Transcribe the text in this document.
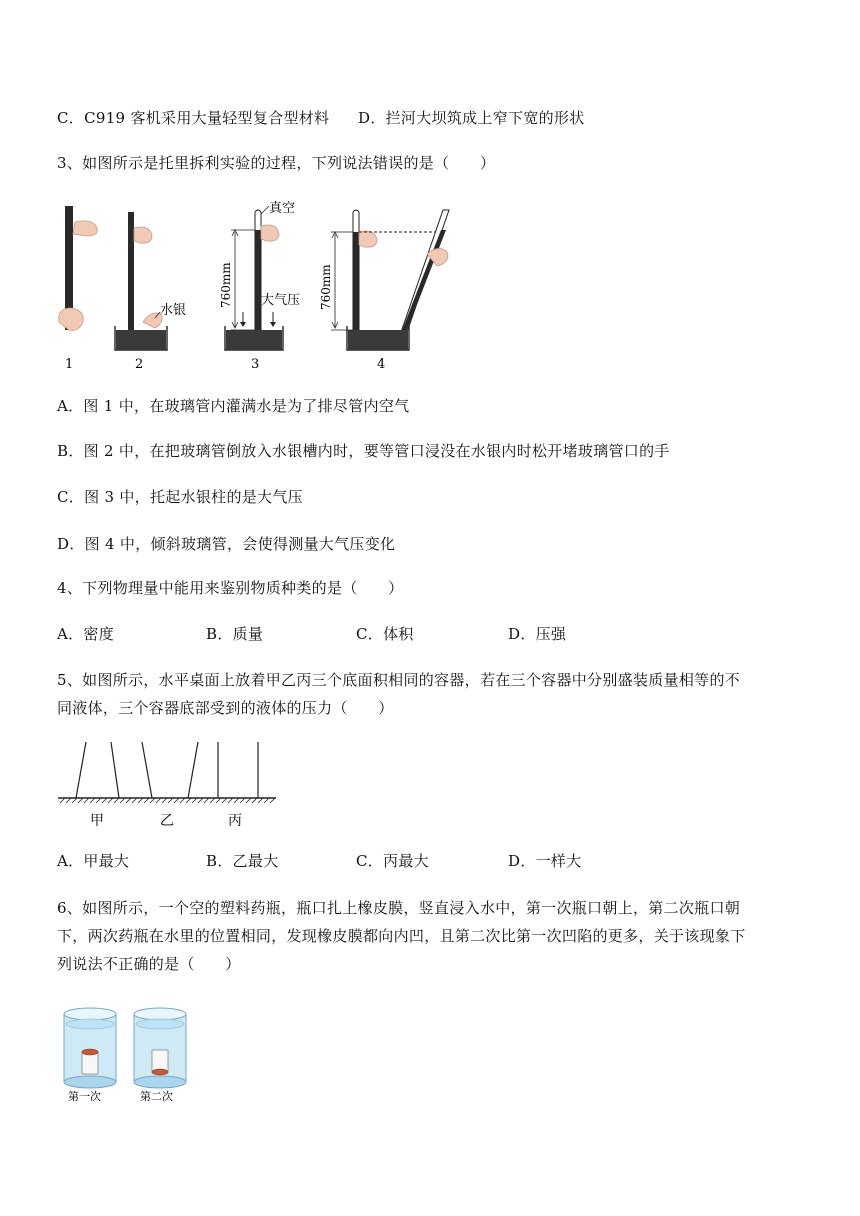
C．C919 客机采用大量轻型复合型材料 D．拦河大坝筑成上窄下宽的形状
3、如图所示是托里拆利实验的过程，下列说法错误的是（　　）
1
水银
2
真空
760mm 大气压
3
760mm
4
A．图 1 中，在玻璃管内灌满水是为了排尽管内空气
B．图 2 中，在把玻璃管倒放入水银槽内时，要等管口浸没在水银内时松开堵玻璃管口的手
C．图 3 中，托起水银柱的是大气压
D．图 4 中，倾斜玻璃管，会使得测量大气压变化
4、下列物理量中能用来鉴别物质种类的是（　　）
A．密度	B．质量	C．体积	D．压强
5、如图所示，水平桌面上放着甲乙丙三个底面积相同的容器，若在三个容器中分别盛装质量相等的不
同液体，三个容器底部受到的液体的压力（　　）
甲	乙	丙
A．甲最大	B．乙最大	C．丙最大	D．一样大
6、如图所示，一个空的塑料药瓶，瓶口扎上橡皮膜，竖直浸入水中，第一次瓶口朝上，第二次瓶口朝
下，两次药瓶在水里的位置相同，发现橡皮膜都向内凹，且第二次比第一次凹陷的更多，关于该现象下
列说法不正确的是（　　）
第一次	第二次
